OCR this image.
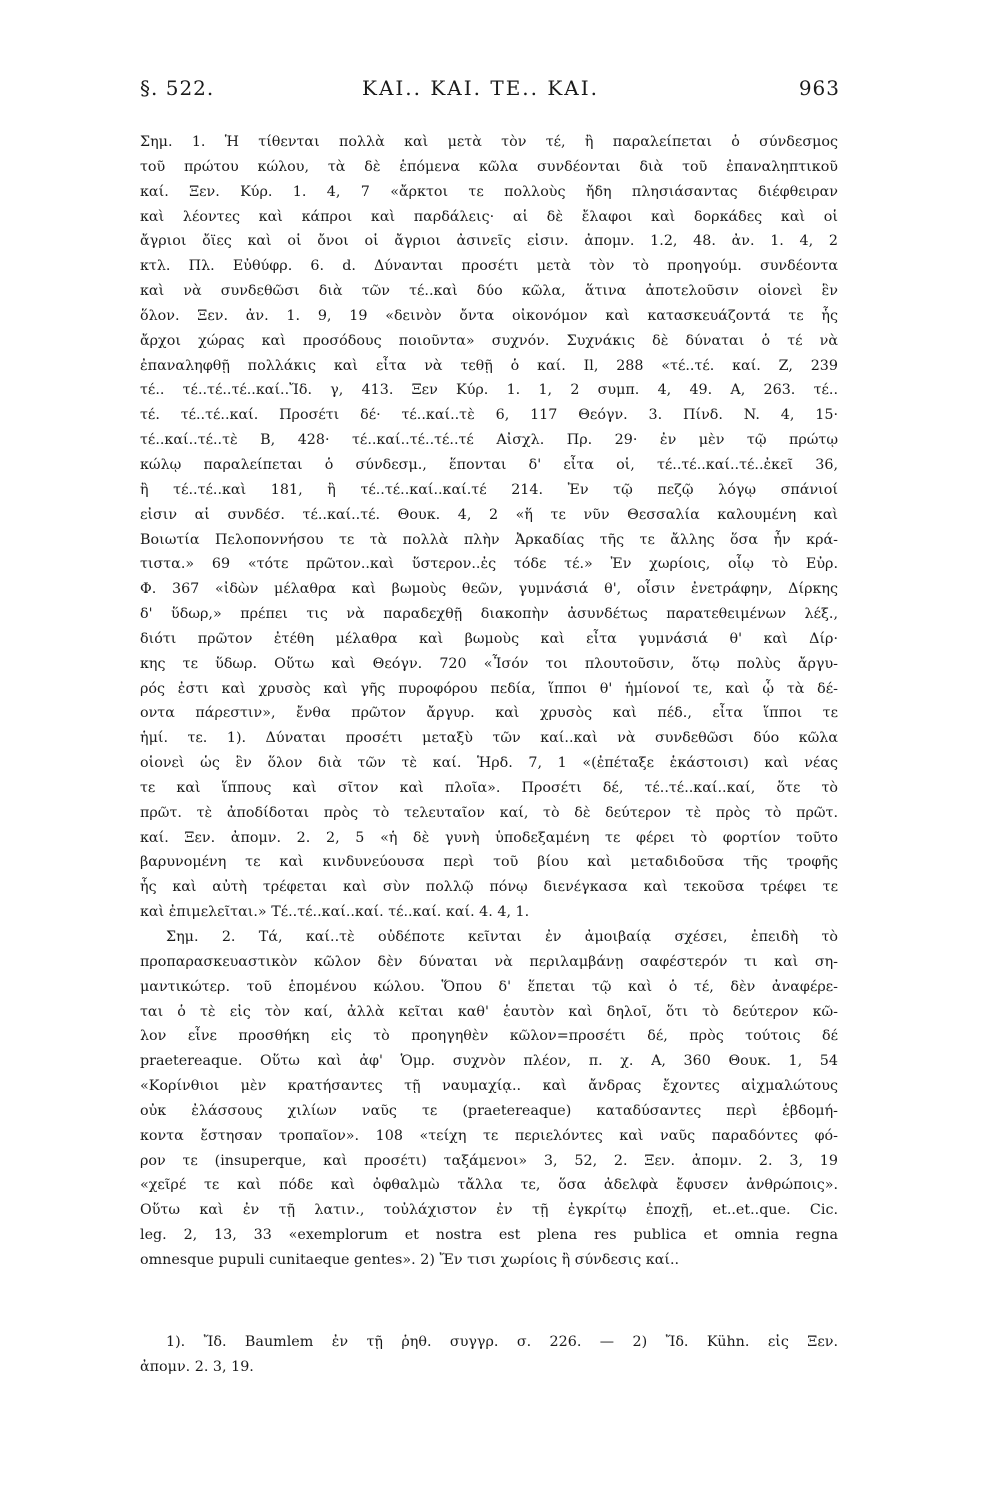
§. 522.	ΚΑΙ.. ΚΑΙ. ΤΕ.. ΚΑΙ.	963
Σημ. 1. Ἡ τίθενται πολλὰ καὶ μετὰ τὸν τέ, ἢ παραλείπεται ὁ σύνδεσμος
τοῦ πρώτου κώλου, τὰ δὲ ἑπόμενα κῶλα συνδέονται διὰ τοῦ ἐπαναληπτικοῦ
καί. Ξεν. Κύρ. 1. 4, 7 «ἄρκτοι τε πολλοὺς ἤδη πλησιάσαντας διέφθειραν
καὶ λέοντες καὶ κάπροι καὶ παρδάλεις· αἱ δὲ ἔλαφοι καὶ δορκάδες καὶ οἱ
ἄγριοι ὄϊες καὶ οἱ ὄνοι οἱ ἄγριοι ἀσινεῖς εἰσιν. ἀπομν. 1.2, 48. ἀν. 1. 4, 2
κτλ. Πλ. Εὐθύφρ. 6. d. Δύνανται προσέτι μετὰ τὸν τὸ προηγούμ. συνδέοντα
καὶ νὰ συνδεθῶσι διὰ τῶν τέ..καὶ δύο κῶλα, ἅτινα ἀποτελοῦσιν οἱονεὶ ἓν
ὅλον. Ξεν. ἀν. 1. 9, 19 «δεινὸν ὄντα οἰκονόμον καὶ κατασκευάζοντά τε ἧς
ἄρχοι χώρας καὶ προσόδους ποιοῦντα» συχνόν. Συχνάκις δὲ δύναται ὁ τέ νὰ
ἐπαναληφθῇ πολλάκις καὶ εἶτα νὰ τεθῇ ὁ καί. Il, 288 «τέ..τέ. καί. Z, 239
τέ.. τέ..τέ..τέ..καί..Ἴδ. γ, 413. Ξεν Κύρ. 1. 1, 2 συμπ. 4, 49. A, 263. τέ..
τέ. τέ..τέ..καί. Προσέτι δέ· τέ..καί..τὲ 6, 117 Θεόγν. 3. Πίνδ. N. 4, 15·
τέ..καί..τέ..τὲ B, 428· τέ..καί..τέ..τέ..τέ Αἰσχλ. Πρ. 29· ἐν μὲν τῷ πρώτῳ
κώλῳ παραλείπεται ὁ σύνδεσμ., ἕπονται δ' εἶτα οἱ, τέ..τέ..καί..τέ..ἐκεῖ 36,
ἢ τέ..τέ..καὶ 181, ἢ τέ..τέ..καί..καί.τέ 214. Ἐν τῷ πεζῷ λόγῳ σπάνιοί
εἰσιν αἱ συνδέσ. τέ..καί..τέ. Θουκ. 4, 2 «ἥ τε νῦν Θεσσαλία καλουμένη καὶ
Βοιωτία Πελοποννήσου τε τὰ πολλὰ πλὴν Ἀρκαδίας τῆς τε ἄλλης ὅσα ἦν κρά-
τιστα.» 69 «τότε πρῶτον..καὶ ὕστερον..ἐς τόδε τέ.» Ἐν χωρίοις, οἷῳ τὸ Εὐρ.
Φ. 367 «ἰδὼν μέλαθρα καὶ βωμοὺς θεῶν, γυμνάσιά θ', οἷσιν ἐνετράφην, Δίρκης
δ' ὕδωρ,» πρέπει τις νὰ παραδεχθῇ διακοπὴν ἀσυνδέτως παρατεθειμένων λέξ.,
διότι πρῶτον ἐτέθη μέλαθρα καὶ βωμοὺς καὶ εἶτα γυμνάσιά θ' καὶ Δίρ·
κης τε ὕδωρ. Οὕτω καὶ Θεόγν. 720 «Ἶσόν τοι πλουτοῦσιν, ὅτῳ πολὺς ἄργυ-
ρός ἐστι καὶ χρυσὸς καὶ γῆς πυροφόρου πεδία, ἵπποι θ' ἡμίονοί τε, καὶ ᾧ τὰ δέ-
οντα πάρεστιν», ἔνθα πρῶτον ἄργυρ. καὶ χρυσὸς καὶ πέδ., εἶτα ἵπποι τε
ἡμί. τε. 1). Δύναται προσέτι μεταξὺ τῶν καί..καὶ νὰ συνδεθῶσι δύο κῶλα
οἱονεὶ ὡς ἓν ὅλον διὰ τῶν τὲ καί. Ἡρδ. 7, 1 «(ἐπέταξε ἑκάστοισι) καὶ νέας
τε καὶ ἵππους καὶ σῖτον καὶ πλοῖα». Προσέτι δέ, τέ..τέ..καί..καί, ὅτε τὸ
πρῶτ. τὲ ἀποδίδοται πρὸς τὸ τελευταῖον καί, τὸ δὲ δεύτερον τὲ πρὸς τὸ πρῶτ.
καί. Ξεν. ἀπομν. 2. 2, 5 «ἡ δὲ γυνὴ ὑποδεξαμένη τε φέρει τὸ φορτίον τοῦτο
βαρυνομένη τε καὶ κινδυνεύουσα περὶ τοῦ βίου καὶ μεταδιδοῦσα τῆς τροφῆς
ἧς καὶ αὐτὴ τρέφεται καὶ σὺν πολλῷ πόνῳ διενέγκασα καὶ τεκοῦσα τρέφει τε
καὶ ἐπιμελεῖται.» Τέ..τέ..καί..καί. τέ..καί. καί. 4. 4, 1.
Σημ. 2. Τά, καί..τὲ οὐδέποτε κεῖνται ἐν ἀμοιβαίᾳ σχέσει, ἐπειδὴ τὸ
προπαρασκευαστικὸν κῶλον δὲν δύναται νὰ περιλαμβάνῃ σαφέστερόν τι καὶ ση-
μαντικώτερ. τοῦ ἑπομένου κώλου. Ὅπου δ' ἕπεται τῷ καὶ ὁ τέ, δὲν ἀναφέρε-
ται ὁ τὲ εἰς τὸν καί, ἀλλὰ κεῖται καθ' ἑαυτὸν καὶ δηλοῖ, ὅτι τὸ δεύτερον κῶ-
λον εἶνε προσθήκη εἰς τὸ προηγηθὲν κῶλον=προσέτι δέ, πρὸς τούτοις δέ
praetereaque. Οὕτω καὶ ἀφ' Ὁμρ. συχνὸν πλέον, π. χ. A, 360 Θουκ. 1, 54
«Κορίνθιοι μὲν κρατήσαντες τῇ ναυμαχίᾳ.. καὶ ἄνδρας ἔχοντες αἰχμαλώτους
οὐκ ἐλάσσους χιλίων ναῦς τε (praetereaque) καταδύσαντες περὶ ἑβδομή-
κοντα ἔστησαν τροπαῖον». 108 «τείχη τε περιελόντες καὶ ναῦς παραδόντες φό-
ρον τε (insuperque, καὶ προσέτι) ταξάμενοι» 3, 52, 2. Ξεν. ἀπομν. 2. 3, 19
«χεῖρέ τε καὶ πόδε καὶ ὀφθαλμὼ τἄλλα τε, ὅσα ἀδελφὰ ἔφυσεν ἀνθρώποις».
Οὕτω καὶ ἐν τῇ λατιν., τοὐλάχιστον ἐν τῇ ἐγκρίτῳ ἐποχῇ, et..et..que. Cic.
leg. 2, 13, 33 «exemplorum et nostra est plena res publica et omnia regna
omnesque pupuli cunitaeque gentes». 2) Ἔν τισι χωρίοις ἢ σύνδεσις καί..
1). Ἴδ. Baumlem ἐν τῇ ῥηθ. συγγρ. σ. 226. — 2) Ἴδ. Kühn. εἰς Ξεν.
ἀπομν. 2. 3, 19.
